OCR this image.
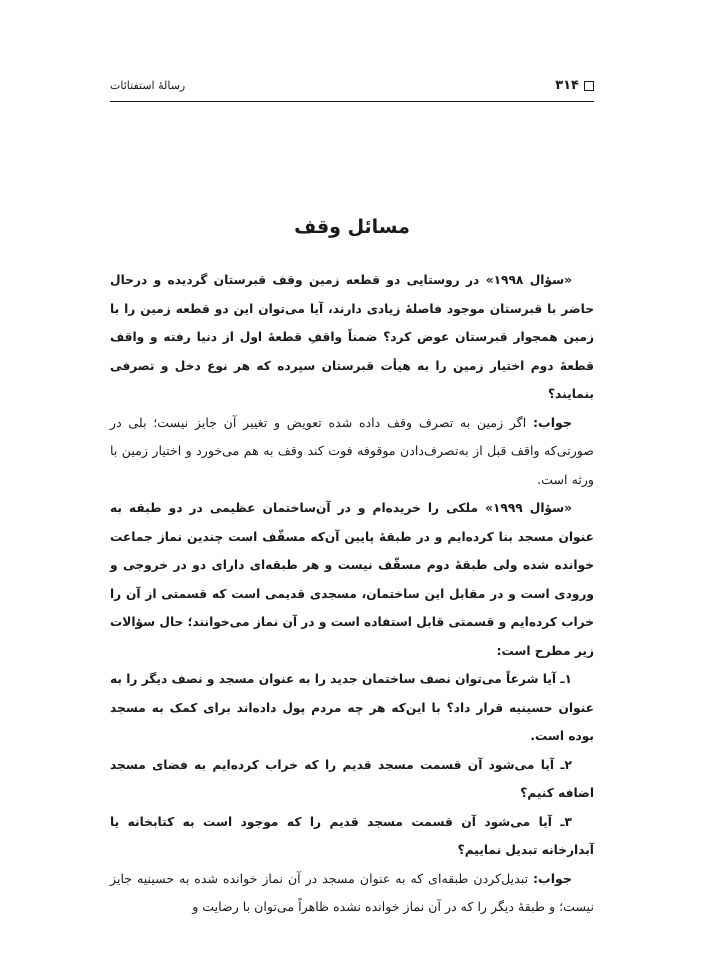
۳۱۴
رسالهٔ استفتائات
مسائل وقف

«سؤال ۱۹۹۸» در روستایی دو قطعه زمین وقف قبرستان گردیده و درحال حاضر با قبرستان موجود فاصلهٔ زیادی دارند، آیا می‌توان این دو قطعه زمین را با زمین همجوار قبرستان عوض کرد؟ ضمناً واقفِ قطعهٔ اول از دنیا رفته و واقف قطعهٔ دوم اختیار زمین را به هیأت قبرستان سپرده که هر نوع دخل و تصرفی بنمایند؟

جواب: اگر زمین به تصرف وقف داده شده تعویض و تغییر آن جایز نیست؛ بلی در صورتی‌که واقف قبل از به‌تصرف‌دادن موقوفه فوت کند وقف به هم می‌خورد و اختیار زمین با ورثه است.

«سؤال ۱۹۹۹» ملکی را خریده‌ام و در آن‌ساختمان عظیمی در دو طبقه به عنوان مسجد بنا کرده‌ایم و در طبقهٔ پایین آن‌که مسقّف است چندین نماز جماعت خوانده شده ولی طبقهٔ دوم مسقّف نیست و هر طبقه‌ای دارای دو در خروجی و ورودی است و در مقابل این ساختمان، مسجدی قدیمی است که قسمتی از آن را خراب کرده‌ایم و قسمتی قابل استفاده است و در آن نماز می‌خوانند؛ حال سؤالات زیر مطرح است:

۱ـ آیا شرعاً می‌توان نصف ساختمان جدید را به عنوان مسجد و نصف دیگر را به عنوان حسینیه قرار داد؟ با این‌که هر چه مردم پول داده‌اند برای کمک به مسجد بوده است.

۲ـ آیا می‌شود آن قسمت مسجد قدیم را که خراب کرده‌ایم به فضای مسجد اضافه کنیم؟

۳ـ آیا می‌شود آن قسمت مسجد قدیم را که موجود است به کتابخانه یا آبدارخانه تبدیل نماییم؟

جواب: تبدیل‌کردن طبقه‌ای که به عنوان مسجد در آن نماز خوانده شده به حسینیه جایز نیست؛ و طبقهٔ دیگر را که در آن نماز خوانده نشده ظاهراً می‌توان با رضایت و
